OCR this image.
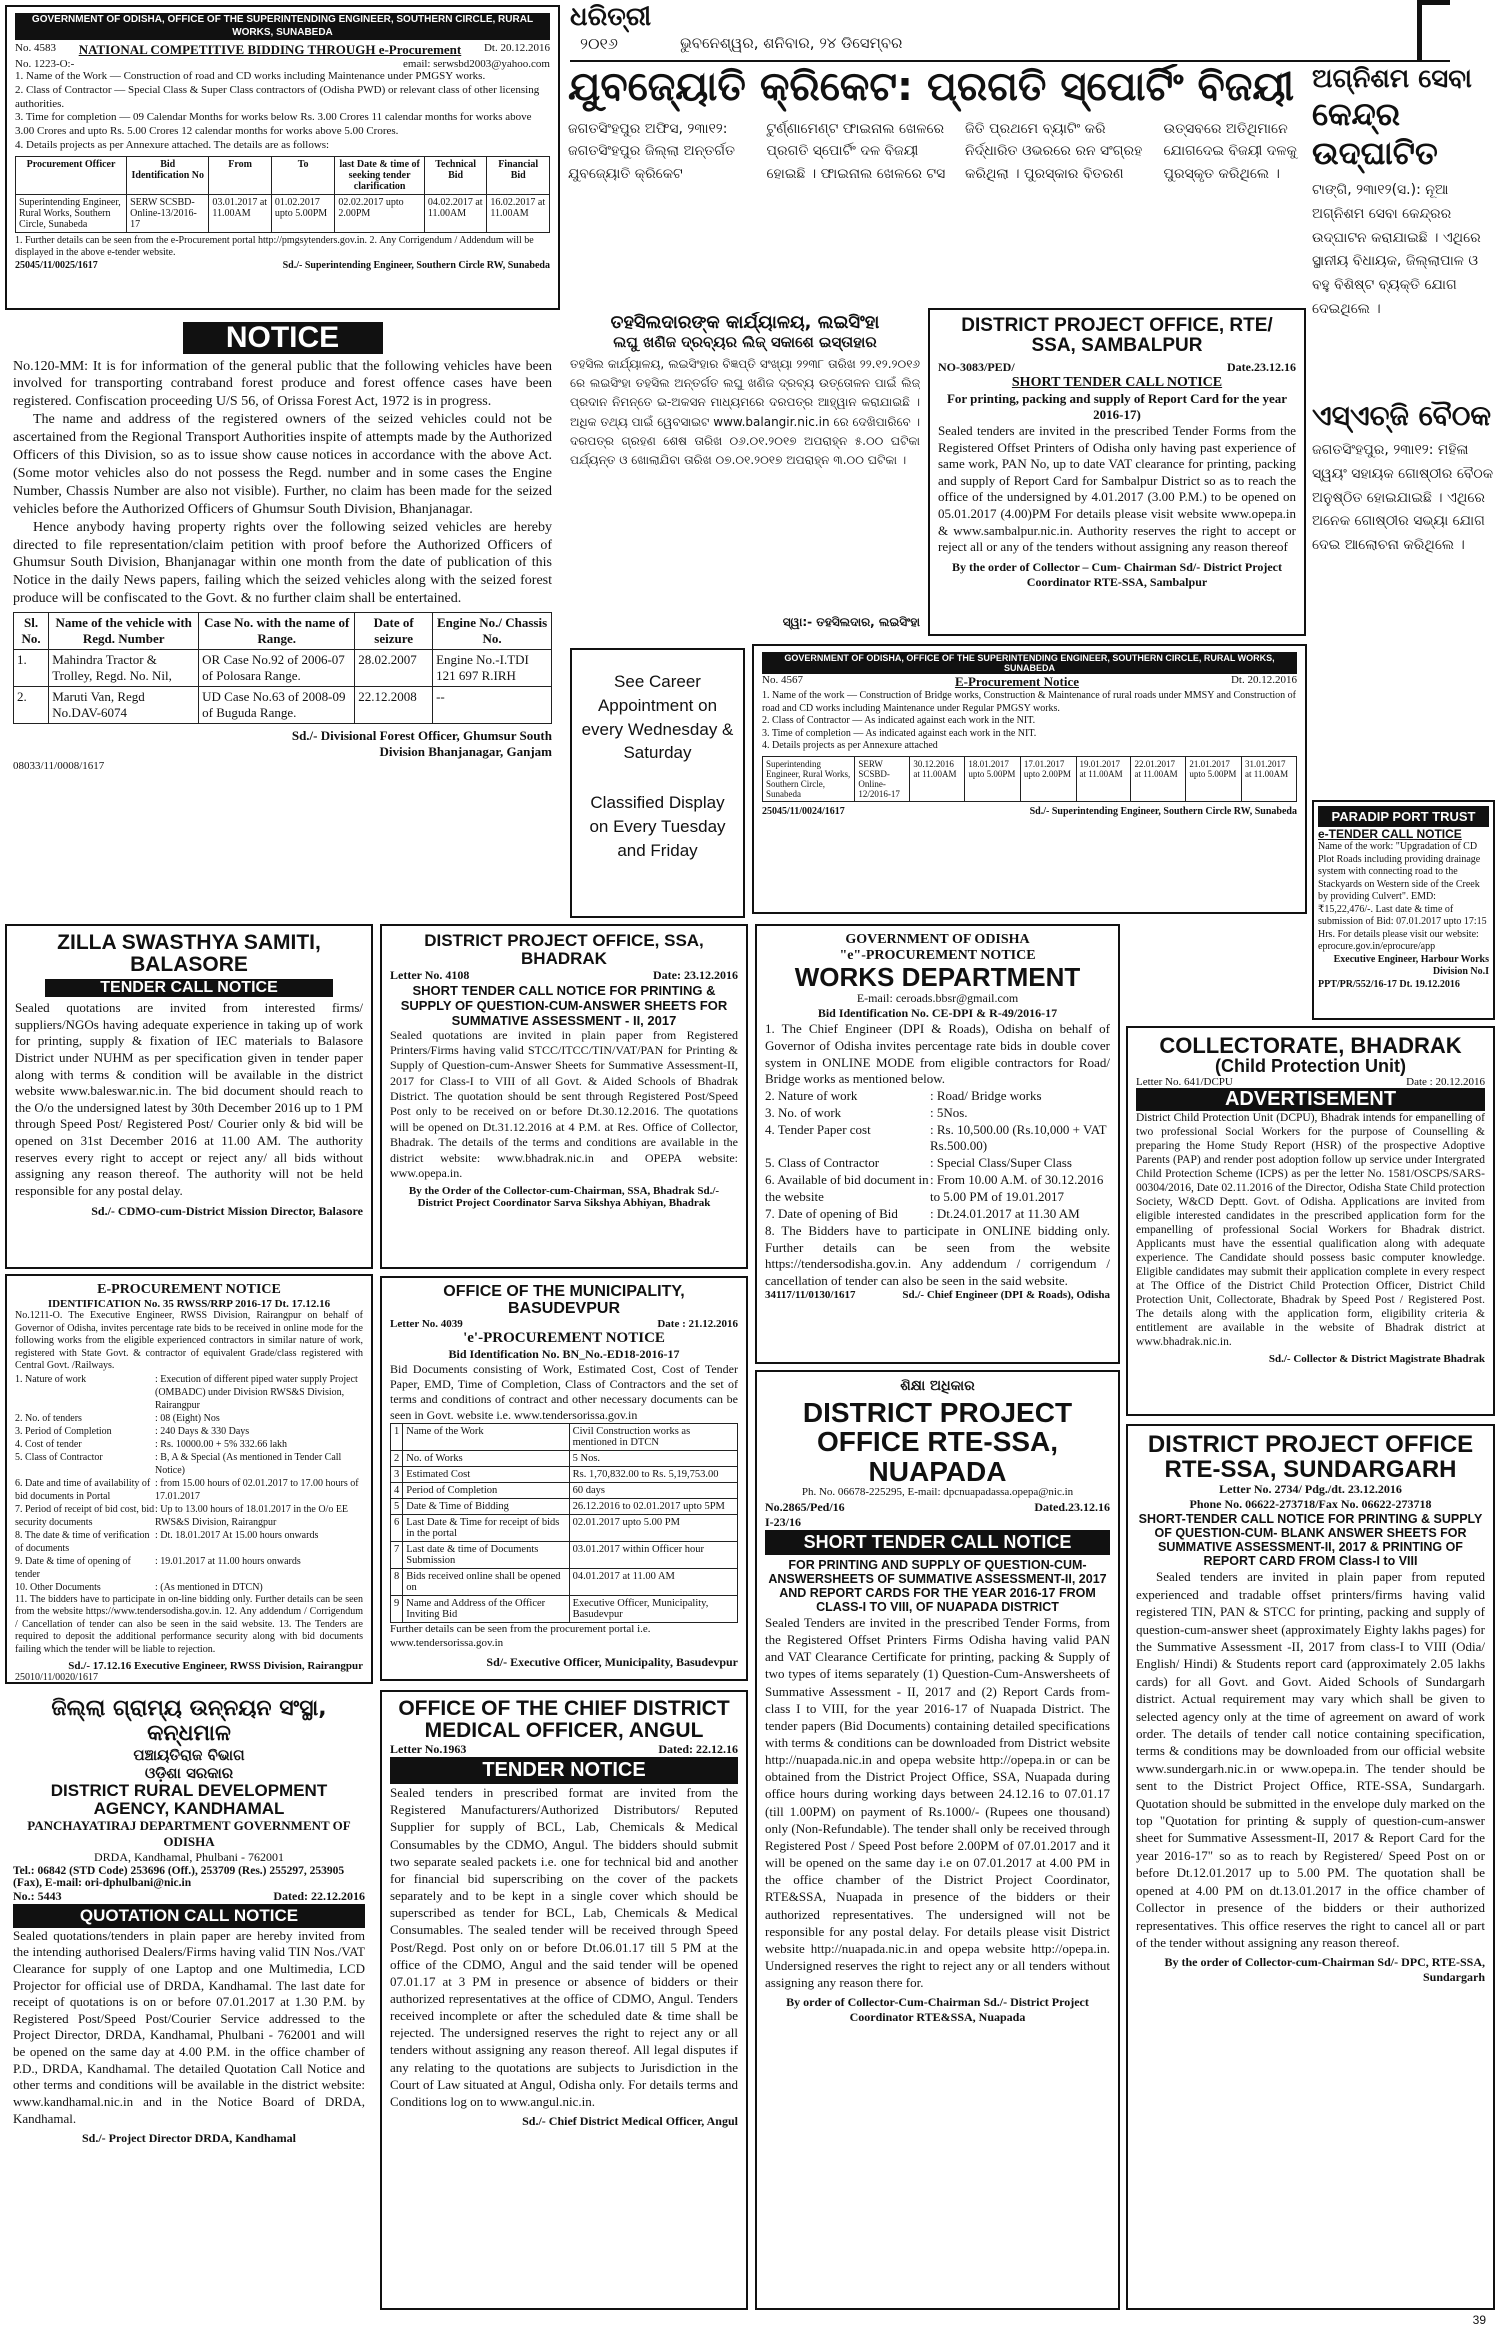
ଧରିତ୍ରୀ
୨୦୧୬	ଭୁବନେଶ୍ୱର, ଶନିବାର, ୨୪ ଡିସେମ୍ବର
39
GOVERNMENT OF ODISHA, OFFICE OF THE SUPERINTENDING ENGINEER, SOUTHERN CIRCLE, RURAL WORKS, SUNABEDA
No. 4583 NATIONAL COMPETITIVE BIDDING THROUGH e-Procurement Dt. 20.12.2016
No. 1223-O:-	email: serwsbd2003@yahoo.com
1. Name of the Work — Construction of road and CD works including Maintenance under PMGSY works.
2. Class of Contractor — Special Class & Super Class contractors of (Odisha PWD) or relevant class of other licensing authorities.
3. Time for completion — 09 Calendar Months for works below Rs. 3.00 Crores 11 calendar months for works above 3.00 Crores and upto Rs. 5.00 Crores 12 calendar months for works above 5.00 Crores.
4. Details projects as per Annexure attached. The details are as follows:
Procurement Officer	Bid Identification No	From	To	last Date & time of seeking tender clarification	Technical Bid	Financial Bid
Superintending Engineer, Rural Works, Southern Circle, Sunabeda	SERW SCSBD-Online-13/2016-17	03.01.2017 at 11.00AM	01.02.2017 upto 5.00PM	02.02.2017 upto 2.00PM	04.02.2017 at 11.00AM	16.02.2017 at 11.00AM
1. Further details can be seen from the e-Procurement portal http://pmgsytenders.gov.in. 2. Any Corrigendum / Addendum will be displayed in the above e-tender website.
25045/11/0025/1617	Sd./- Superintending Engineer, Southern Circle RW, Sunabeda
ଯୁବଜ୍ୟୋତି କ୍ରିକେଟ: ପ୍ରଗତି ସ୍ପୋର୍ଟିଂ ବିଜୟୀ
ଜଗତସିଂହପୁର ଅଫିସ, ୨୩ା୧୨: ଜଗତସିଂହପୁର ଜିଲ୍ଲା ଅନ୍ତର୍ଗତ ଯୁବଜ୍ୟୋତି କ୍ରିକେଟ ଟୁର୍ଣ୍ଣାମେଣ୍ଟ ଫାଇନାଲ ଖେଳରେ ପ୍ରଗତି ସ୍ପୋର୍ଟିଂ ଦଳ ବିଜୟୀ ହୋଇଛି । ଫାଇନାଲ ଖେଳରେ ଟସ ଜିତି ପ୍ରଥମେ ବ୍ୟାଟିଂ କରି ନିର୍ଦ୍ଧାରିତ ଓଭରରେ ରନ ସଂଗ୍ରହ କରିଥିଲା । ପୁରସ୍କାର ବିତରଣ ଉତ୍ସବରେ ଅତିଥିମାନେ ଯୋଗଦେଇ ବିଜୟୀ ଦଳକୁ ପୁରସ୍କୃତ କରିଥିଲେ ।
ଅଗ୍ନିଶମ ସେବା
କେନ୍ଦ୍ର ଉଦ୍‌ଘାଟିତ
ଟାଙ୍ଗି, ୨୩ା୧୨(ସ.): ନୂଆ ଅଗ୍ନିଶମ ସେବା କେନ୍ଦ୍ରର ଉଦ୍‌ଘାଟନ କରାଯାଇଛି । ଏଥିରେ ସ୍ଥାନୀୟ ବିଧାୟକ, ଜିଲ୍ଲାପାଳ ଓ ବହୁ ବିଶିଷ୍ଟ ବ୍ୟକ୍ତି ଯୋଗ ଦେଇଥିଲେ ।
ଏସ୍‌ଏଚ୍‌ଜି ବୈଠକ
ଜଗତସିଂହପୁର, ୨୩ା୧୨: ମହିଳା ସ୍ୱୟଂ ସହାୟକ ଗୋଷ୍ଠୀର ବୈଠକ ଅନୁଷ୍ଠିତ ହୋଇଯାଇଛି । ଏଥିରେ ଅନେକ ଗୋଷ୍ଠୀର ସଭ୍ୟା ଯୋଗ ଦେଇ ଆଲୋଚନା କରିଥିଲେ ।
NOTICE
No.120-MM: It is for information of the general public that the following vehicles have been involved for transporting contraband forest produce and forest offence cases have been registered. Confiscation proceeding U/S 56, of Orissa Forest Act, 1972 is in progress.
The name and address of the registered owners of the seized vehicles could not be ascertained from the Regional Transport Authorities inspite of attempts made by the Authorized Officers of this Division, so as to issue show cause notices in accordance with the above Act. (Some motor vehicles also do not possess the Regd. number and in some cases the Engine Number, Chassis Number are also not visible). Further, no claim has been made for the seized vehicles before the Authorized Officers of Ghumsur South Division, Bhanjanagar.
Hence anybody having property rights over the following seized vehicles are hereby directed to file representation/claim petition with proof before the Authorized Officers of Ghumsur South Division, Bhanjanagar within one month from the date of publication of this Notice in the daily News papers, failing which the seized vehicles along with the seized forest produce will be confiscated to the Govt. & no further claim shall be entertained.
Sl. No.	Name of the vehicle with Regd. Number	Case No. with the name of Range.	Date of seizure	Engine No./ Chassis No.
1.	Mahindra Tractor & Trolley, Regd. No. Nil,	OR Case No.92 of 2006-07 of Polosara Range.	28.02.2007	Engine No.-I.TDI 121 697 R.IRH
2.	Maruti Van, Regd No.DAV-6074	UD Case No.63 of 2008-09 of Buguda Range.	22.12.2008	--
Sd./- Divisional Forest Officer, Ghumsur South Division Bhanjanagar, Ganjam
08033/11/0008/1617
ତହସିଲଦାରଙ୍କ କାର୍ଯ୍ୟାଳୟ, ଲଇସିଂହା
ଲଘୁ ଖଣିଜ ଦ୍ରବ୍ୟର ଲିଜ୍ ସକାଶେ ଇସ୍ତାହାର
ତହସିଲ କାର୍ଯ୍ୟାଳୟ, ଲଇସିଂହାର ବିଜ୍ଞପ୍ତି ସଂଖ୍ୟା ୨୨୩୮ ତାରିଖ ୨୨.୧୨.୨୦୧୬ ରେ ଲଇସିଂହା ତହସିଲ ଅନ୍ତର୍ଗତ ଲଘୁ ଖଣିଜ ଦ୍ରବ୍ୟ ଉତ୍ତୋଳନ ପାଇଁ ଲିଜ୍ ପ୍ରଦାନ ନିମନ୍ତେ ଇ-ଅକସନ ମାଧ୍ୟମରେ ଦରପତ୍ର ଆହ୍ୱାନ କରାଯାଇଛି । ଅଧିକ ତଥ୍ୟ ପାଇଁ ୱେବସାଇଟ www.balangir.nic.in ରେ ଦେଖିପାରିବେ । ଦରପତ୍ର ଗ୍ରହଣ ଶେଷ ତାରିଖ ୦୬.୦୧.୨୦୧୭ ଅପରାହ୍ନ ୫.୦୦ ଘଟିକା ପର୍ଯ୍ୟନ୍ତ ଓ ଖୋଲାଯିବା ତାରିଖ ୦୭.୦୧.୨୦୧୭ ଅପରାହ୍ନ ୩.୦୦ ଘଟିକା ।
ସ୍ୱା:- ତହସିଲଦାର, ଲଇସିଂହା
DISTRICT PROJECT OFFICE, RTE/ SSA, SAMBALPUR
NO-3083/PED/	Date.23.12.16
SHORT TENDER CALL NOTICE
For printing, packing and supply of Report Card for the year 2016-17)
Sealed tenders are invited in the prescribed Tender Forms from the Registered Offset Printers of Odisha only having past experience of same work, PAN No, up to date VAT clearance for printing, packing and supply of Report Card for Sambalpur District so as to reach the office of the undersigned by 4.01.2017 (3.00 P.M.) to be opened on 05.01.2017 (4.00)PM For details please visit website www.opepa.in & www.sambalpur.nic.in. Authority reserves the right to accept or reject all or any of the tenders without assigning any reason thereof
By the order of Collector – Cum- Chairman Sd/- District Project Coordinator RTE-SSA, Sambalpur
See Career Appointment on every Wednesday & Saturday
Classified Display on Every Tuesday and Friday
GOVERNMENT OF ODISHA, OFFICE OF THE SUPERINTENDING ENGINEER, SOUTHERN CIRCLE, RURAL WORKS, SUNABEDA
No. 4567	E-Procurement Notice	Dt. 20.12.2016
1. Name of the work — Construction of Bridge works, Construction & Maintenance of rural roads under MMSY and Construction of road and CD works including Maintenance under Regular PMGSY works.
2. Class of Contractor — As indicated against each work in the NIT.
3. Time of completion — As indicated against each work in the NIT.
4. Details projects as per Annexure attached
Superintending Engineer, Rural Works, Southern Circle, Sunabeda	SERW SCSBD-Online-12/2016-17	30.12.2016 at 11.00AM	18.01.2017 upto 5.00PM	17.01.2017 upto 2.00PM	19.01.2017 at 11.00AM	22.01.2017 at 11.00AM	21.01.2017 upto 5.00PM	31.01.2017 at 11.00AM
25045/11/0024/1617	Sd./- Superintending Engineer, Southern Circle RW, Sunabeda	PARADIP PORT TRUST
e-TENDER CALL NOTICE
Name of the work: "Upgradation of CD Plot Roads including providing drainage system with connecting road to the Stackyards on Western side of the Creek by providing Culvert". EMD: ₹15,22,476/-. Last date & time of submission of Bid: 07.01.2017 upto 17:15 Hrs. For details please visit our website: eprocure.gov.in/eprocure/app
Executive Engineer, Harbour Works Division No.I
PPT/PR/552/16-17 Dt. 19.12.2016
ZILLA SWASTHYA SAMITI, BALASORE
TENDER CALL NOTICE
Sealed quotations are invited from interested firms/ suppliers/NGOs having adequate experience in taking up of work for printing, supply & fixation of IEC materials to Balasore District under NUHM as per specification given in tender paper along with terms & condition will be available in the district website www.baleswar.nic.in. The bid document should reach to the O/o the undersigned latest by 30th December 2016 up to 1 PM through Speed Post/ Registered Post/ Courier only & bid will be opened on 31st December 2016 at 11.00 AM. The authority reserves every right to accept or reject any/ all bids without assigning any reason thereof. The authority will not be held responsible for any postal delay.
Sd./- CDMO-cum-District Mission Director, Balasore
DISTRICT PROJECT OFFICE, SSA, BHADRAK
Letter No. 4108	Date: 23.12.2016
SHORT TENDER CALL NOTICE FOR PRINTING & SUPPLY OF QUESTION-CUM-ANSWER SHEETS FOR SUMMATIVE ASSESSMENT - II, 2017
Sealed quotations are invited in plain paper from Registered Printers/Firms having valid STCC/ITCC/TIN/VAT/PAN for Printing & Supply of Question-cum-Answer Sheets for Summative Assessment-II, 2017 for Class-I to VIII of all Govt. & Aided Schools of Bhadrak District. The quotation should be sent through Registered Post/Speed Post only to be received on or before Dt.30.12.2016. The quotations will be opened on Dt.31.12.2016 at 4 P.M. at Res. Office of Collector, Bhadrak. The details of the terms and conditions are available in the district website: www.bhadrak.nic.in and OPEPA website: www.opepa.in.
By the Order of the Collector-cum-Chairman, SSA, Bhadrak Sd./- District Project Coordinator Sarva Sikshya Abhiyan, Bhadrak
GOVERNMENT OF ODISHA
"e"-PROCUREMENT NOTICE
WORKS DEPARTMENT
E-mail: ceroads.bbsr@gmail.com
Bid Identification No. CE-DPI & R-49/2016-17
1. The Chief Engineer (DPI & Roads), Odisha on behalf of Governor of Odisha invites percentage rate bids in double cover system in ONLINE MODE from eligible contractors for Road/ Bridge works as mentioned below.
2. Nature of work	: Road/ Bridge works
3. No. of work	: 5Nos.
4. Tender Paper cost	: Rs. 10,500.00 (Rs.10,000 + VAT Rs.500.00)
5. Class of Contractor	: Special Class/Super Class
6. Available of bid document in the website
: From 10.00 A.M. of 30.12.2016 to 5.00 PM of 19.01.2017
7. Date of opening of Bid	: Dt.24.01.2017 at 11.30 AM
8. The Bidders have to participate in ONLINE bidding only. Further details can be seen from the website https://tendersodisha.gov.in. Any addendum / corrigendum / cancellation of tender can also be seen in the said website.
34117/11/0130/1617	Sd./- Chief Engineer (DPI & Roads), Odisha
COLLECTORATE, BHADRAK
(Child Protection Unit)
Letter No. 641/DCPU	Date : 20.12.2016
ADVERTISEMENT
District Child Protection Unit (DCPU), Bhadrak intends for empanelling of two professional Social Workers for the purpose of Counselling & preparing the Home Study Report (HSR) of the prospective Adoptive Parents (PAP) and render post adoption follow up service under Intergrated Child Protection Scheme (ICPS) as per the letter No. 1581/OSCPS/SARS-00304/2016, Date 02.11.2016 of the Director, Odisha State Child protection Society, W&CD Deptt. Govt. of Odisha. Applications are invited from eligible interested candidates in the prescribed application form for the empanelling of professional Social Workers for Bhadrak district. Applicants must have the essential qualification along with adequate experience. The Candidate should possess basic computer knowledge. Eligible candidates may submit their application complete in every respect at The Office of the District Child Protection Officer, District Child Protection Unit, Collectorate, Bhadrak by Speed Post / Registered Post. The details along with the application form, eligibility criteria & entitlement are available in the website of Bhadrak district at www.bhadrak.nic.in.
Sd./- Collector & District Magistrate Bhadrak
E-PROCUREMENT NOTICE
IDENTIFICATION No. 35 RWSS/RRP 2016-17 Dt. 17.12.16
No.1211-O. The Executive Engineer, RWSS Division, Rairangpur on behalf of Governor of Odisha, invites percentage rate bids to be received in online mode for the following works from the eligible experienced contractors in similar nature of work, registered with State Govt. & contractor of equivalent Grade/class registered with Central Govt. /Railways.
1. Nature of work	: Execution of different piped water supply Project (OMBADC) under Division RWS&S Division, Rairangpur
2. No. of tenders	: 08 (Eight) Nos
3. Period of Completion	: 240 Days & 330 Days
4. Cost of tender	: Rs. 10000.00 + 5% 332.66 lakh
5. Class of Contractor	: B, A & Special (As mentioned in Tender Call Notice)
6. Date and time of availability of bid documents in Portal
: from 15.00 hours of 02.01.2017 to 17.00 hours of 17.01.2017
7. Period of receipt of bid cost, bid security documents
: Up to 13.00 hours of 18.01.2017 in the O/o EE RWS&S Division, Rairangpur
8. The date & time of verification of documents
: Dt. 18.01.2017 At 15.00 hours onwards
9. Date & time of opening of tender
: 19.01.2017 at 11.00 hours onwards
10. Other Documents	: (As mentioned in DTCN)
11. The bidders have to participate in on-line bidding only. Further details can be seen from the website https://www.tendersodisha.gov.in. 12. Any addendum / Corrigendum / Cancellation of tender can also be seen in the said website. 13. The Tenders are required to deposit the additional performance security along with bid documents failing which the tender will be liable to rejection.
Sd./- 17.12.16 Executive Engineer, RWSS Division, Rairangpur
25010/11/0020/1617
OFFICE OF THE MUNICIPALITY, BASUDEVPUR
Letter No. 4039	Date : 21.12.2016
'e'-PROCUREMENT NOTICE
Bid Identification No. BN_No.-ED18-2016-17
Bid Documents consisting of Work, Estimated Cost, Cost of Tender Paper, EMD, Time of Completion, Class of Contractors and the set of terms and conditions of contract and other necessary documents can be seen in Govt. website i.e. www.tendersorissa.gov.in
1	Name of the Work	Civil Construction works as mentioned in DTCN
2	No. of Works	5 Nos.
3	Estimated Cost	Rs. 1,70,832.00 to Rs. 5,19,753.00
4	Period of Completion	60 days
5	Date & Time of Bidding	26.12.2016 to 02.01.2017 upto 5PM
6	Last Date & Time for receipt of bids in the portal	02.01.2017 upto 5.00 PM
7	Last date & time of Documents Submission	03.01.2017 within Officer hour
8	Bids received online shall be opened on	04.01.2017 at 11.00 AM
9	Name and Address of the Officer Inviting Bid	Executive Officer, Municipality, Basudevpur
Further details can be seen from the procurement portal i.e. www.tendersorissa.gov.in
Sd/- Executive Officer, Municipality, Basudevpur
ଶିକ୍ଷା ଅଧିକାର
DISTRICT PROJECT OFFICE RTE-SSA, NUAPADA
Ph. No. 06678-225295, E-mail: dpcnuapadassa.opepa@nic.in
No.2865/Ped/16	Dated.23.12.16
I-23/16
SHORT TENDER CALL NOTICE
FOR PRINTING AND SUPPLY OF QUESTION-CUM-ANSWERSHEETS OF SUMMATIVE ASSESSMENT-II, 2017 AND REPORT CARDS FOR THE YEAR 2016-17 FROM CLASS-I TO VIII, OF NUAPADA DISTRICT
Sealed Tenders are invited in the prescribed Tender Forms, from the Registered Offset Printers Firms Odisha having valid PAN and VAT Clearance Certificate for printing, packing & Supply of two types of items separately (1) Question-Cum-Answersheets of Summative Assessment - II, 2017 and (2) Report Cards from-class I to VIII, for the year 2016-17 of Nuapada District. The tender papers (Bid Documents) containing detailed specifications with terms & conditions can be downloaded from District website http://nuapada.nic.in and opepa website http://opepa.in or can be obtained from the District Project Office, SSA, Nuapada during office hours during working days between 24.12.16 to 07.01.17 (till 1.00PM) on payment of Rs.1000/- (Rupees one thousand) only (Non-Refundable). The tender shall only be received through Registered Post / Speed Post before 2.00PM of 07.01.2017 and it will be opened on the same day i.e on 07.01.2017 at 4.00 PM in the office chamber of the District Project Coordinator, RTE&SSA, Nuapada in presence of the bidders or their authorized representatives. The undersigned will not be responsible for any postal delay. For details please visit District website http://nuapada.nic.in and opepa website http://opepa.in. Undersigned reserves the right to reject any or all tenders without assigning any reason there for.
By order of Collector-Cum-Chairman Sd./- District Project Coordinator RTE&SSA, Nuapada
DISTRICT PROJECT OFFICE RTE-SSA, SUNDARGARH
Letter No. 2734/ Pdg./dt. 23.12.2016
Phone No. 06622-273718/Fax No. 06622-273718
SHORT-TENDER CALL NOTICE FOR PRINTING & SUPPLY OF QUESTION-CUM- BLANK ANSWER SHEETS FOR SUMMATIVE ASSESSMENT-II, 2017 & PRINTING OF REPORT CARD FROM Class-I to VIII
Sealed tenders are invited in plain paper from reputed experienced and tradable offset printers/firms having valid registered TIN, PAN & STCC for printing, packing and supply of question-cum-answer sheet (approximately Eighty lakhs pages) for the Summative Assessment -II, 2017 from class-I to VIII (Odia/ English/ Hindi) & Students report card (approximately 2.05 lakhs cards) for all Govt. and Govt. Aided Schools of Sundargarh district. Actual requirement may vary which shall be given to selected agency only at the time of agreement on award of work order. The details of tender call notice containing specification, terms & conditions may be downloaded from our official website www.sundergarh.nic.in or www.opepa.in. The tender should be sent to the District Project Office, RTE-SSA, Sundargarh. Quotation should be submitted in the envelope duly marked on the top "Quotation for printing & supply of question-cum-answer sheet for Summative Assessment-II, 2017 & Report Card for the year 2016-17" so as to reach by Registered/ Speed Post on or before Dt.12.01.2017 up to 5.00 PM. The quotation shall be opened at 4.00 PM on dt.13.01.2017 in the office chamber of Collector in presence of the bidders or their authorized representatives. This office reserves the right to cancel all or part of the tender without assigning any reason thereof.
By the order of Collector-cum-Chairman Sd/- DPC, RTE-SSA, Sundargarh
ଜିଲ୍ଲା ଗ୍ରାମ୍ୟ ଉନ୍ନୟନ ସଂସ୍ଥା, କନ୍ଧମାଳ
ପଞ୍ଚାୟତିରାଜ ବିଭାଗ
ଓଡ଼ିଶା ସରକାର
DISTRICT RURAL DEVELOPMENT AGENCY, KANDHAMAL
PANCHAYATIRAJ DEPARTMENT GOVERNMENT OF ODISHA
DRDA, Kandhamal, Phulbani - 762001
Tel.: 06842 (STD Code) 253696 (Off.), 253709 (Res.) 255297, 253905 (Fax), E-mail: ori-dphulbani@nic.in
No.: 5443	Dated: 22.12.2016
QUOTATION CALL NOTICE
Sealed quotations/tenders in plain paper are hereby invited from the intending authorised Dealers/Firms having valid TIN Nos./VAT Clearance for supply of one Laptop and one Multimedia, LCD Projector for official use of DRDA, Kandhamal. The last date for receipt of quotations is on or before 07.01.2017 at 1.30 P.M. by Registered Post/Speed Post/Courier Service addressed to the Project Director, DRDA, Kandhamal, Phulbani - 762001 and will be opened on the same day at 4.00 P.M. in the office chamber of P.D., DRDA, Kandhamal. The detailed Quotation Call Notice and other terms and conditions will be available in the district website: www.kandhamal.nic.in and in the Notice Board of DRDA, Kandhamal.
Sd./- Project Director DRDA, Kandhamal
OFFICE OF THE CHIEF DISTRICT MEDICAL OFFICER, ANGUL
Letter No.1963	Dated: 22.12.16
TENDER NOTICE
Sealed tenders in prescribed format are invited from the Registered Manufacturers/Authorized Distributors/ Reputed Supplier for supply of BCL, Lab, Chemicals & Medical Consumables by the CDMO, Angul. The bidders should submit two separate sealed packets i.e. one for technical bid and another for financial bid superscribing on the cover of the packets separately and to be kept in a single cover which should be superscribed as tender for BCL, Lab, Chemicals & Medical Consumables. The sealed tender will be received through Speed Post/Regd. Post only on or before Dt.06.01.17 till 5 PM at the office of the CDMO, Angul and the said tender will be opened 07.01.17 at 3 PM in presence or absence of bidders or their authorized representatives at the office of CDMO, Angul. Tenders received incomplete or after the scheduled date & time shall be rejected. The undersigned reserves the right to reject any or all tenders without assigning any reason thereof. All legal disputes if any relating to the quotations are subjects to Jurisdiction in the Court of Law situated at Angul, Odisha only. For details terms and Conditions log on to www.angul.nic.in.
Sd./- Chief District Medical Officer, Angul
